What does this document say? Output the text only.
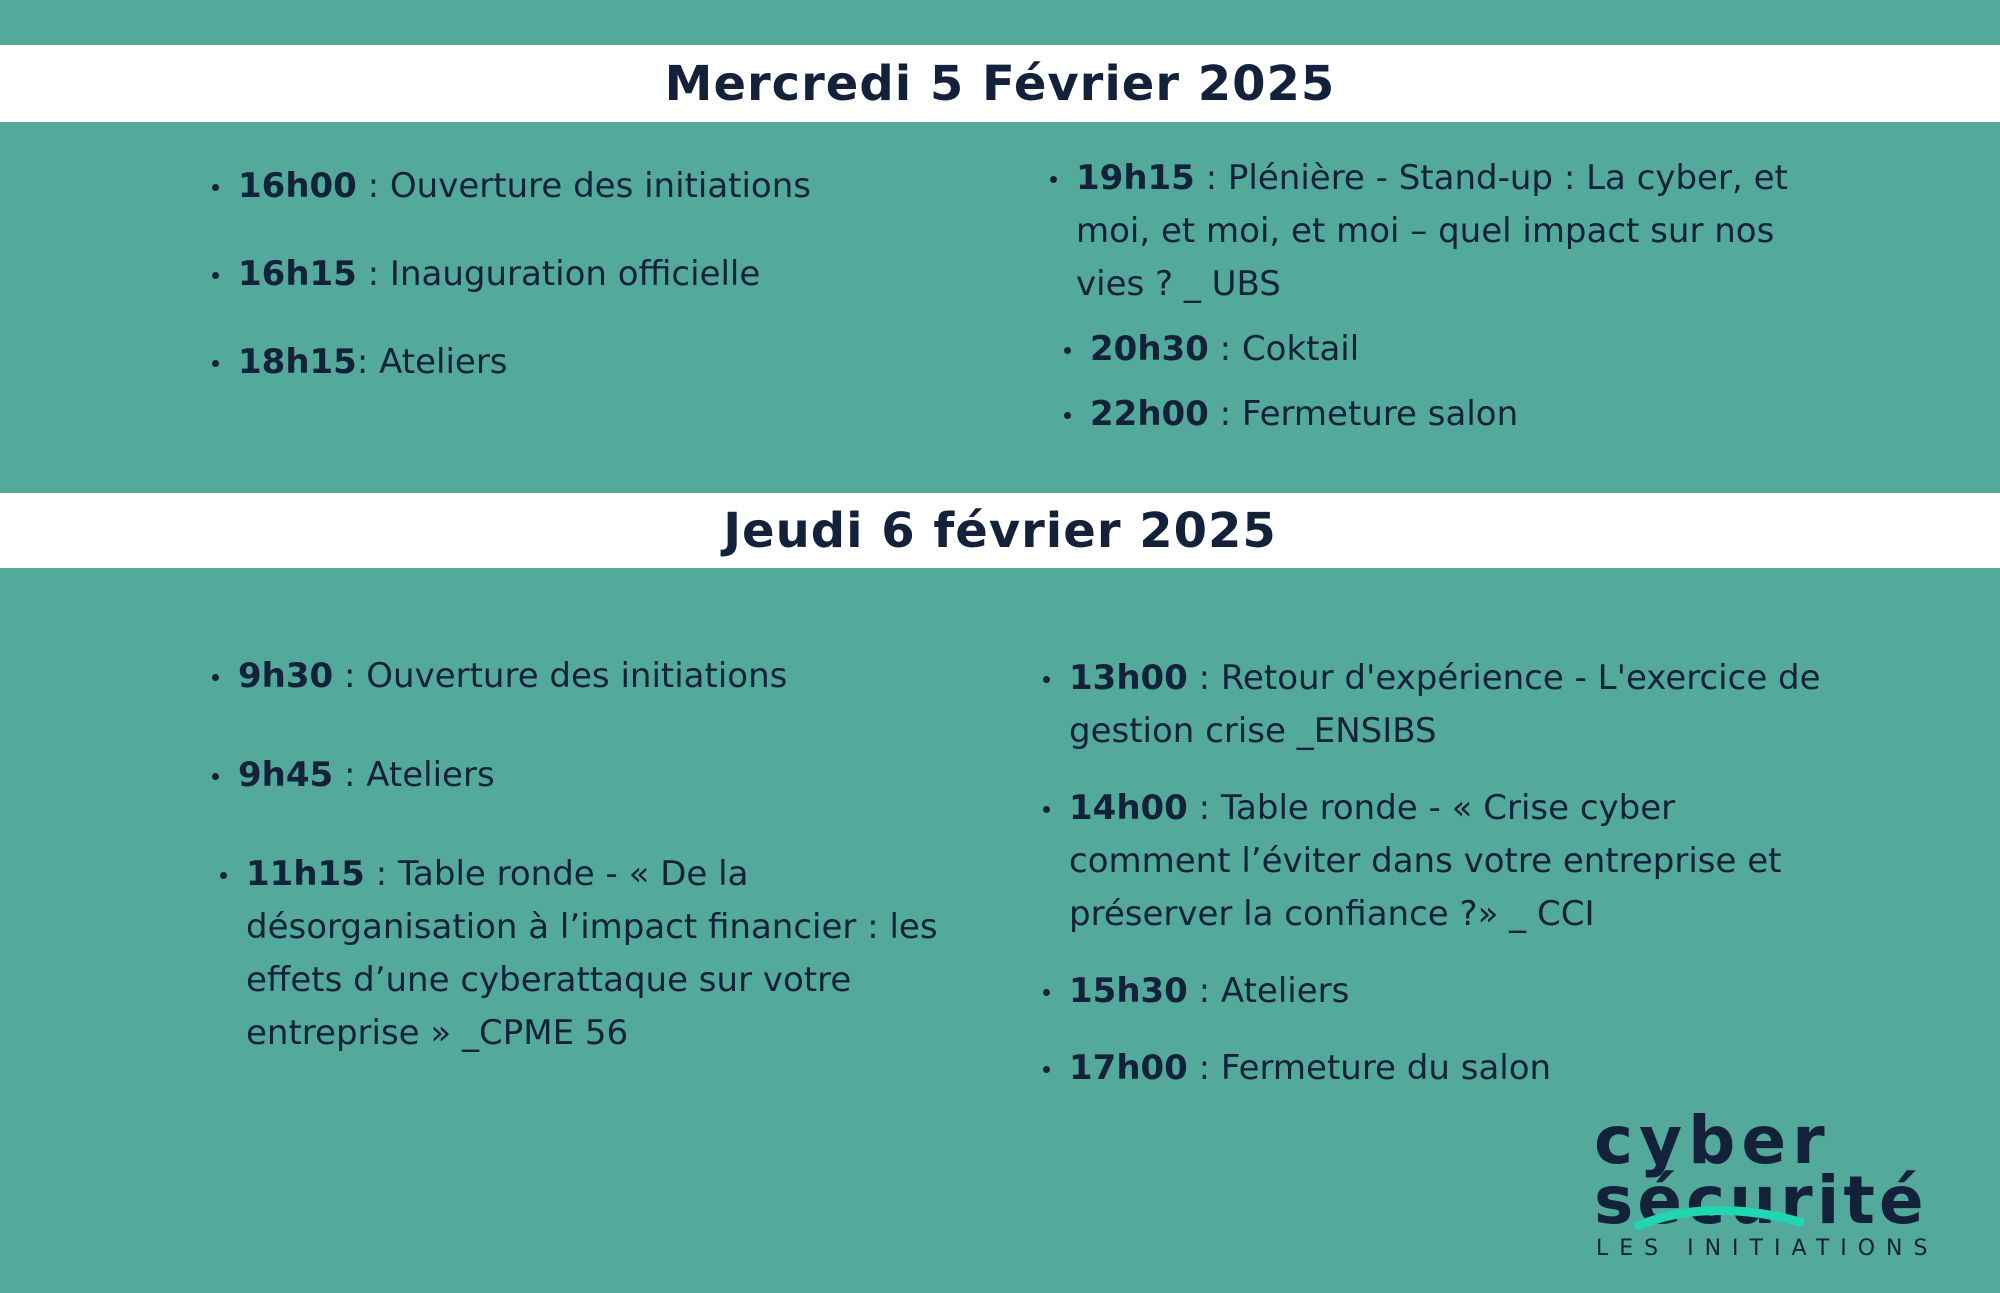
Mercredi 5 Février 2025
16h00 : Ouverture des initiations
16h15 : Inauguration officielle
18h15: Ateliers
19h15 : Plénière - Stand-up : La cyber, et moi, et moi, et moi – quel impact sur nos vies ? _ UBS
20h30 : Coktail
22h00 : Fermeture salon
Jeudi 6 février 2025
9h30 : Ouverture des initiations
9h45 : Ateliers
11h15 : Table ronde - « De la désorganisation à l’impact financier : les effets d’une cyberattaque sur votre entreprise » _CPME 56
13h00 : Retour d'expérience - L'exercice de gestion crise _ENSIBS
14h00 : Table ronde - « Crise cyber comment l’éviter dans votre entreprise et préserver la confiance ?» _ CCI
15h30 : Ateliers
17h00 : Fermeture du salon
cyber
sécurité
LES INITIATIONS
